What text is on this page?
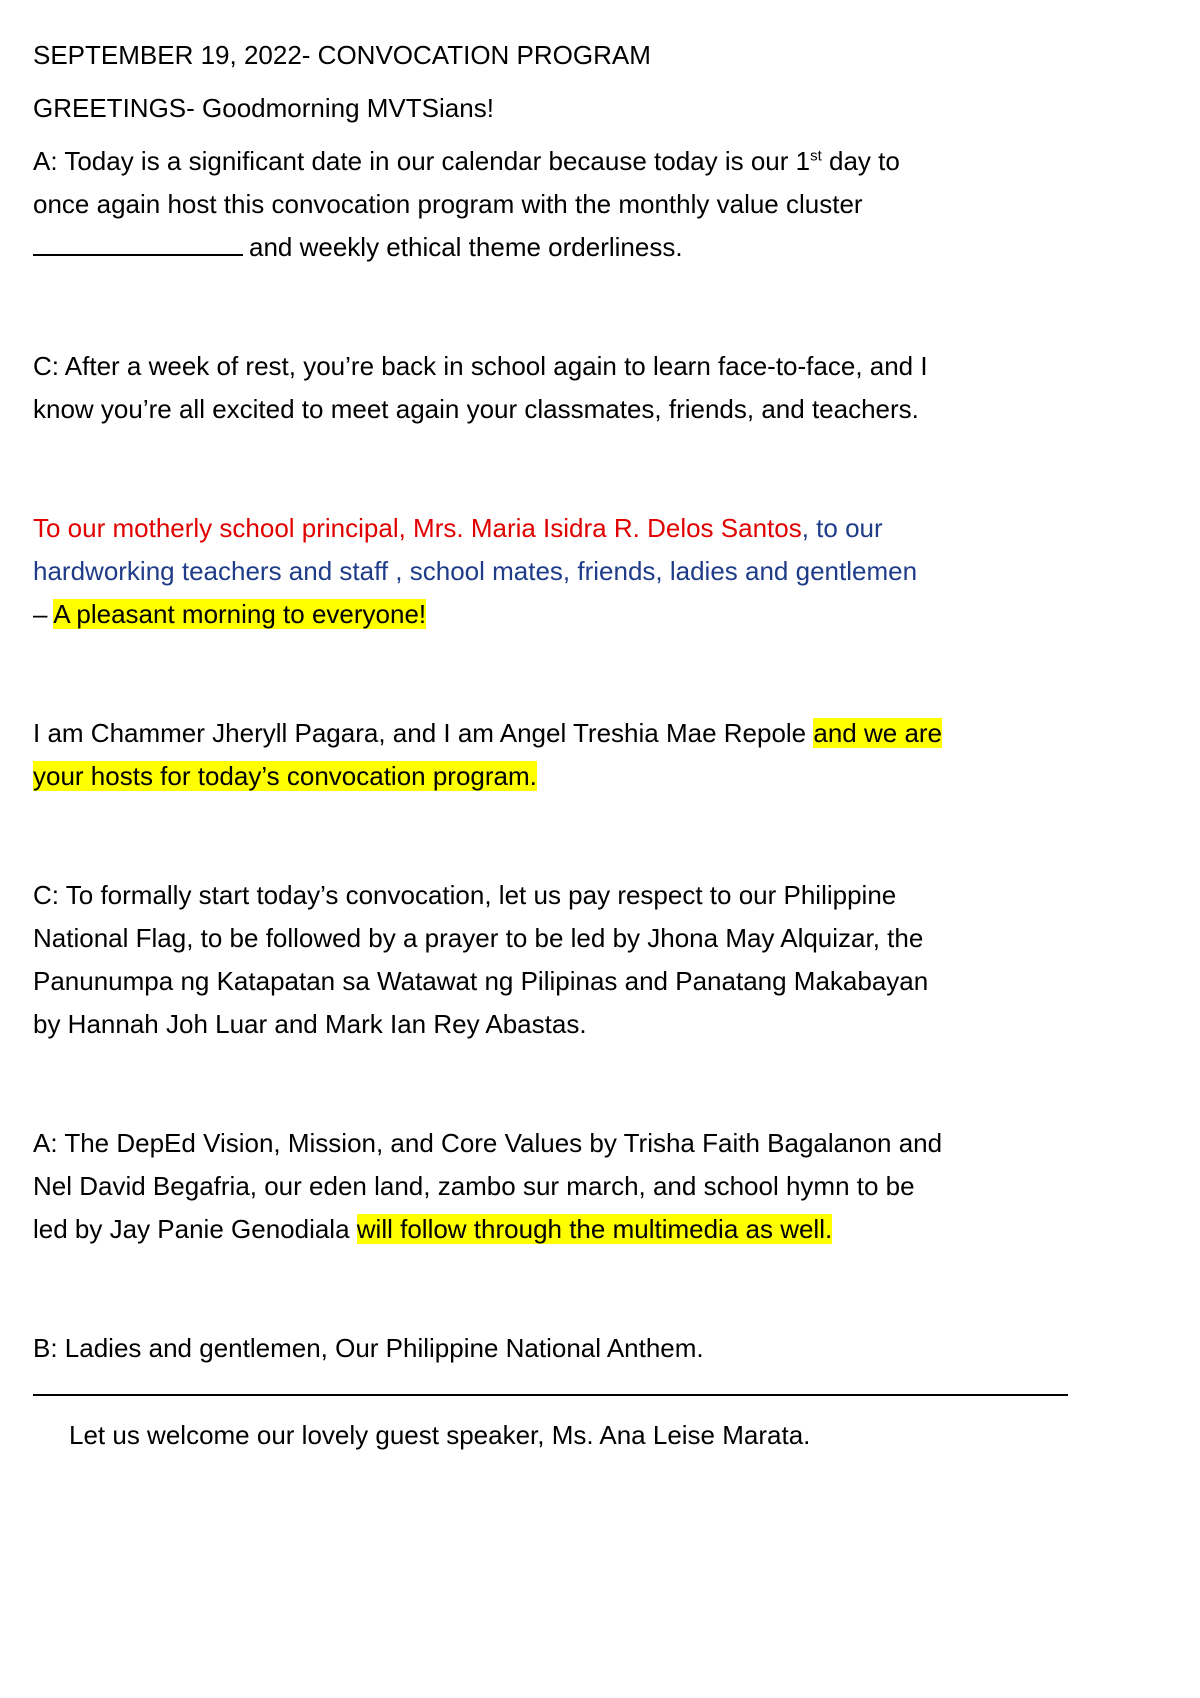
SEPTEMBER 19, 2022- CONVOCATION PROGRAM

GREETINGS- Goodmorning MVTSians!

A: Today is a significant date in our calendar because today is our 1st day to

once again host this convocation program with the monthly value cluster

and weekly ethical theme orderliness.

C: After a week of rest, you’re back in school again to learn face-to-face, and I

know you’re all excited to meet again your classmates, friends, and teachers.

To our motherly school principal, Mrs. Maria Isidra R. Delos Santos, to our

hardworking teachers and staff , school mates, friends, ladies and gentlemen

– A pleasant morning to everyone!

I am Chammer Jheryll Pagara, and I am Angel Treshia Mae Repole and we are

your hosts for today’s convocation program.

C: To formally start today’s convocation, let us pay respect to our Philippine

National Flag, to be followed by a prayer to be led by Jhona May Alquizar, the

Panunumpa ng Katapatan sa Watawat ng Pilipinas and Panatang Makabayan

by Hannah Joh Luar and Mark Ian Rey Abastas.

A: The DepEd Vision, Mission, and Core Values by Trisha Faith Bagalanon and

Nel David Begafria, our eden land, zambo sur march, and school hymn to be

led by Jay Panie Genodiala will follow through the multimedia as well.

B: Ladies and gentlemen, Our Philippine National Anthem.

Let us welcome our lovely guest speaker, Ms. Ana Leise Marata.
